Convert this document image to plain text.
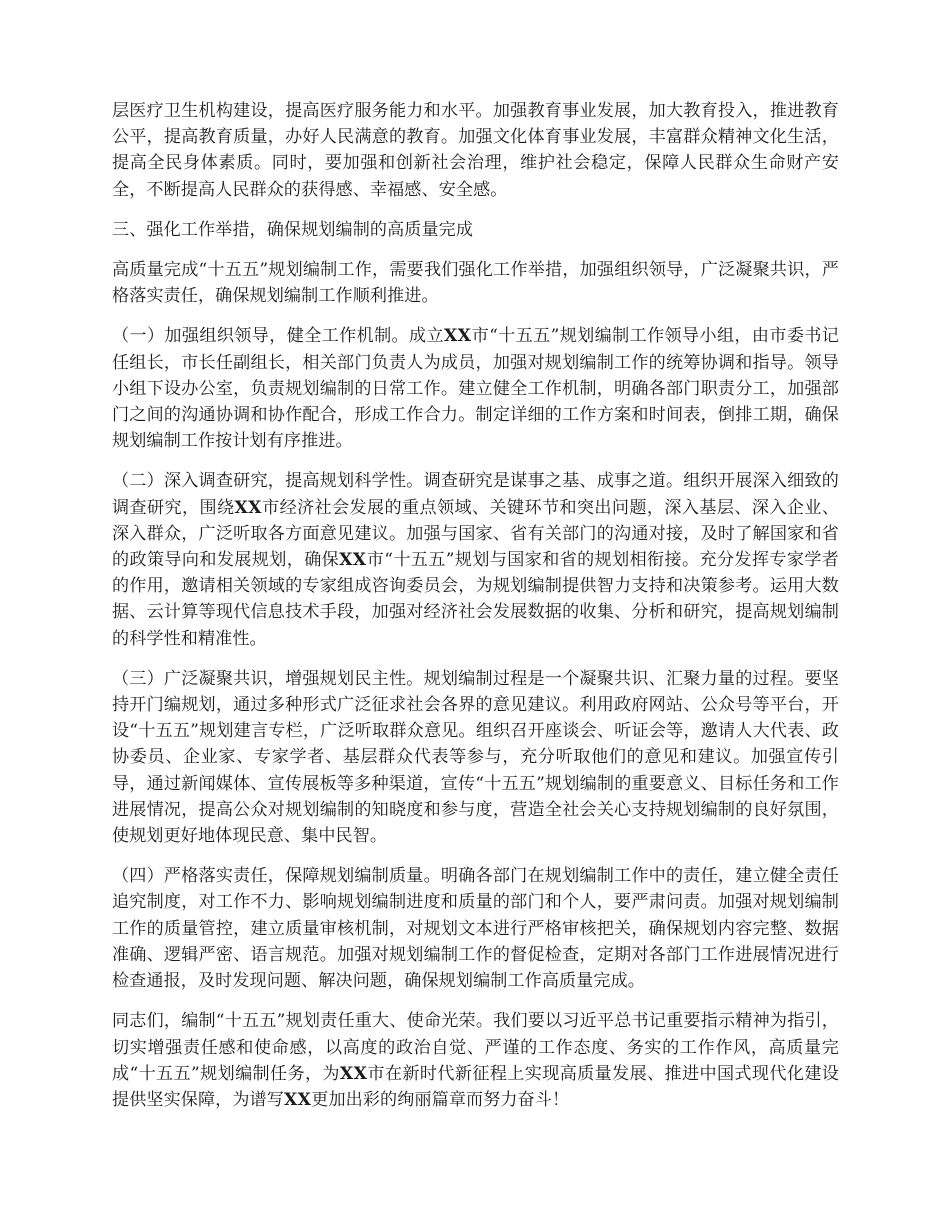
层医疗卫生机构建设，提高医疗服务能力和水平。加强教育事业发展，加大教育投入，推进教育公平，提高教育质量，办好人民满意的教育。加强文化体育事业发展，丰富群众精神文化生活，提高全民身体素质。同时，要加强和创新社会治理，维护社会稳定，保障人民群众生命财产安全，不断提高人民群众的获得感、幸福感、安全感。

三、强化工作举措，确保规划编制的高质量完成

高质量完成“十五五”规划编制工作，需要我们强化工作举措，加强组织领导，广泛凝聚共识，严格落实责任，确保规划编制工作顺利推进。

（一）加强组织领导，健全工作机制。成立XX市“十五五”规划编制工作领导小组，由市委书记任组长，市长任副组长，相关部门负责人为成员，加强对规划编制工作的统筹协调和指导。领导小组下设办公室，负责规划编制的日常工作。建立健全工作机制，明确各部门职责分工，加强部门之间的沟通协调和协作配合，形成工作合力。制定详细的工作方案和时间表，倒排工期，确保规划编制工作按计划有序推进。

（二）深入调查研究，提高规划科学性。调查研究是谋事之基、成事之道。组织开展深入细致的调查研究，围绕XX市经济社会发展的重点领域、关键环节和突出问题，深入基层、深入企业、深入群众，广泛听取各方面意见建议。加强与国家、省有关部门的沟通对接，及时了解国家和省的政策导向和发展规划，确保XX市“十五五”规划与国家和省的规划相衔接。充分发挥专家学者的作用，邀请相关领域的专家组成咨询委员会，为规划编制提供智力支持和决策参考。运用大数据、云计算等现代信息技术手段，加强对经济社会发展数据的收集、分析和研究，提高规划编制的科学性和精准性。

（三）广泛凝聚共识，增强规划民主性。规划编制过程是一个凝聚共识、汇聚力量的过程。要坚持开门编规划，通过多种形式广泛征求社会各界的意见建议。利用政府网站、公众号等平台，开设“十五五”规划建言专栏，广泛听取群众意见。组织召开座谈会、听证会等，邀请人大代表、政协委员、企业家、专家学者、基层群众代表等参与，充分听取他们的意见和建议。加强宣传引导，通过新闻媒体、宣传展板等多种渠道，宣传“十五五”规划编制的重要意义、目标任务和工作进展情况，提高公众对规划编制的知晓度和参与度，营造全社会关心支持规划编制的良好氛围，使规划更好地体现民意、集中民智。

（四）严格落实责任，保障规划编制质量。明确各部门在规划编制工作中的责任，建立健全责任追究制度，对工作不力、影响规划编制进度和质量的部门和个人，要严肃问责。加强对规划编制工作的质量管控，建立质量审核机制，对规划文本进行严格审核把关，确保规划内容完整、数据准确、逻辑严密、语言规范。加强对规划编制工作的督促检查，定期对各部门工作进展情况进行检查通报，及时发现问题、解决问题，确保规划编制工作高质量完成。

同志们，编制“十五五”规划责任重大、使命光荣。我们要以习近平总书记重要指示精神为指引，切实增强责任感和使命感，以高度的政治自觉、严谨的工作态度、务实的工作作风，高质量完成“十五五”规划编制任务，为XX市在新时代新征程上实现高质量发展、推进中国式现代化建设提供坚实保障，为谱写XX更加出彩的绚丽篇章而努力奋斗！
